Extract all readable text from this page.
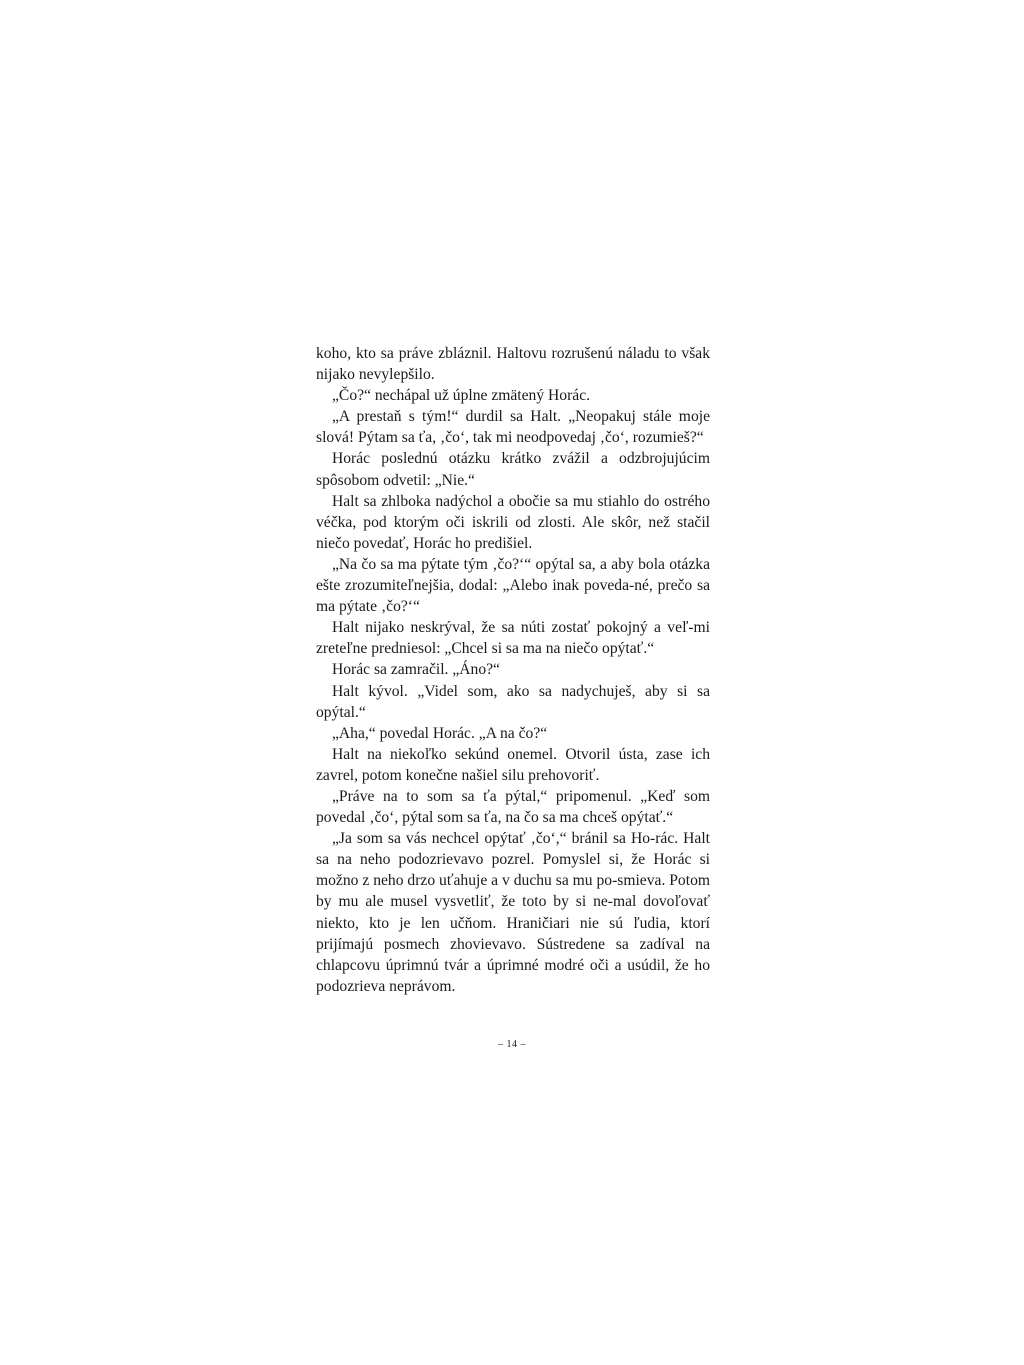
koho, kto sa práve zbláznil. Haltovu rozrušenú náladu to však nijako nevylepšilo.

„Čo?“ nechápal už úplne zmätený Horác.

„A prestaň s tým!“ durdil sa Halt. „Neopakuj stále moje slová! Pýtam sa ťa, ‚čo‘, tak mi neodpovedaj ‚čo‘, rozumieš?“

Horác poslednú otázku krátko zvážil a odzbrojujúcim spôsobom odvetil: „Nie.“

Halt sa zhlboka nadýchol a obočie sa mu stiahlo do ostrého véčka, pod ktorým oči iskrili od zlosti. Ale skôr, než stačil niečo povedať, Horác ho predišiel.

„Na čo sa ma pýtate tým ‚čo?‘“ opýtal sa, a aby bola otázka ešte zrozumiteľnejšia, dodal: „Alebo inak poveda-né, prečo sa ma pýtate ‚čo?‘“

Halt nijako neskrýval, že sa núti zostať pokojný a veľ-mi zreteľne predniesol: „Chcel si sa ma na niečo opýtať.“

Horác sa zamračil. „Áno?“

Halt kývol. „Videl som, ako sa nadychuješ, aby si sa opýtal.“

„Aha,“ povedal Horác. „A na čo?“

Halt na niekoľko sekúnd onemel. Otvoril ústa, zase ich zavrel, potom konečne našiel silu prehovoriť.

„Práve na to som sa ťa pýtal,“ pripomenul. „Keď som povedal ‚čo‘, pýtal som sa ťa, na čo sa ma chceš opýtať.“

„Ja som sa vás nechcel opýtať ‚čo‘,“ bránil sa Ho-rác. Halt sa na neho podozrievavo pozrel. Pomyslel si, že Horác si možno z neho drzo uťahuje a v duchu sa mu po-smieva. Potom by mu ale musel vysvetliť, že toto by si ne-mal dovoľovať niekto, kto je len učňom. Hraničiari nie sú ľudia, ktorí prijímajú posmech zhovievavo. Sústredene sa zadíval na chlapcovu úprimnú tvár a úprimné modré oči a usúdil, že ho podozrieva neprávom.

– 14 –
